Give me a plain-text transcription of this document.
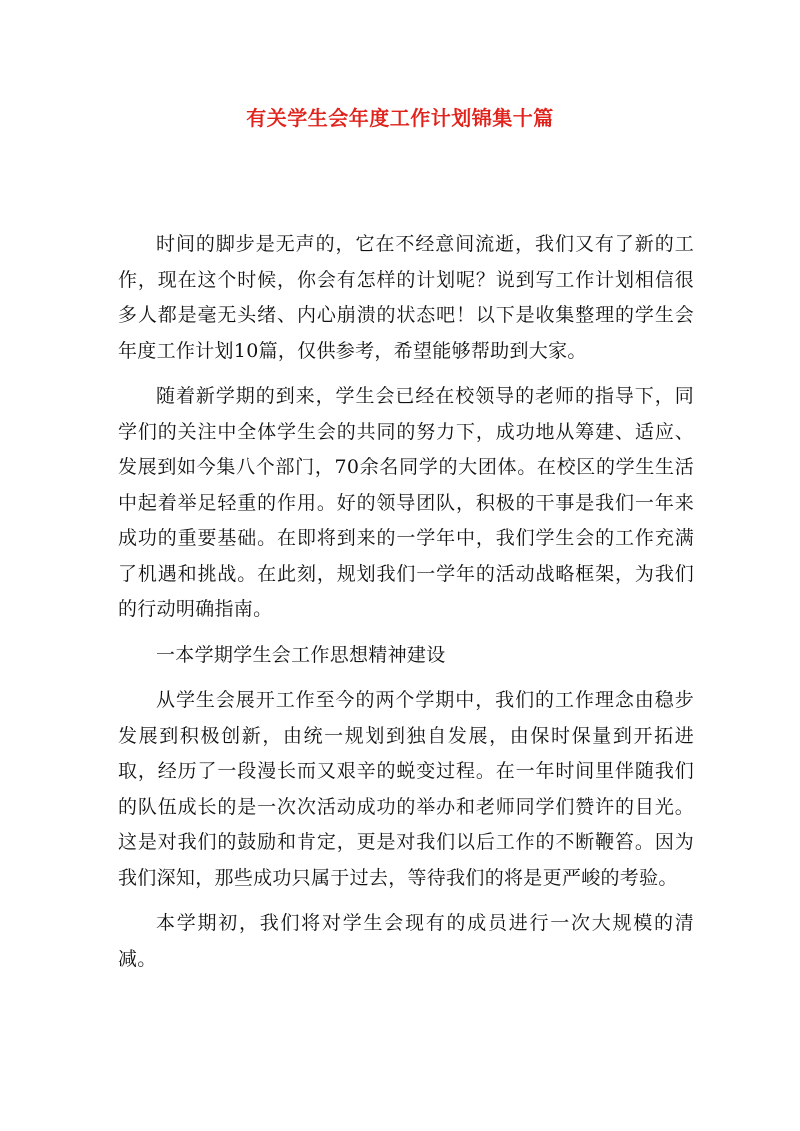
有关学生会年度工作计划锦集十篇

时间的脚步是无声的，它在不经意间流逝，我们又有了新的工作，现在这个时候，你会有怎样的计划呢？说到写工作计划相信很多人都是毫无头绪、内心崩溃的状态吧！以下是收集整理的学生会年度工作计划10篇，仅供参考，希望能够帮助到大家。

随着新学期的到来，学生会已经在校领导的老师的指导下，同学们的关注中全体学生会的共同的努力下，成功地从筹建、适应、发展到如今集八个部门，70余名同学的大团体。在校区的学生生活中起着举足轻重的作用。好的领导团队，积极的干事是我们一年来成功的重要基础。在即将到来的一学年中，我们学生会的工作充满了机遇和挑战。在此刻，规划我们一学年的活动战略框架，为我们的行动明确指南。

一本学期学生会工作思想精神建设

从学生会展开工作至今的两个学期中，我们的工作理念由稳步发展到积极创新，由统一规划到独自发展，由保时保量到开拓进取，经历了一段漫长而又艰辛的蜕变过程。在一年时间里伴随我们的队伍成长的是一次次活动成功的举办和老师同学们赞许的目光。这是对我们的鼓励和肯定，更是对我们以后工作的不断鞭笞。因为我们深知，那些成功只属于过去，等待我们的将是更严峻的考验。

本学期初，我们将对学生会现有的成员进行一次大规模的清减。
